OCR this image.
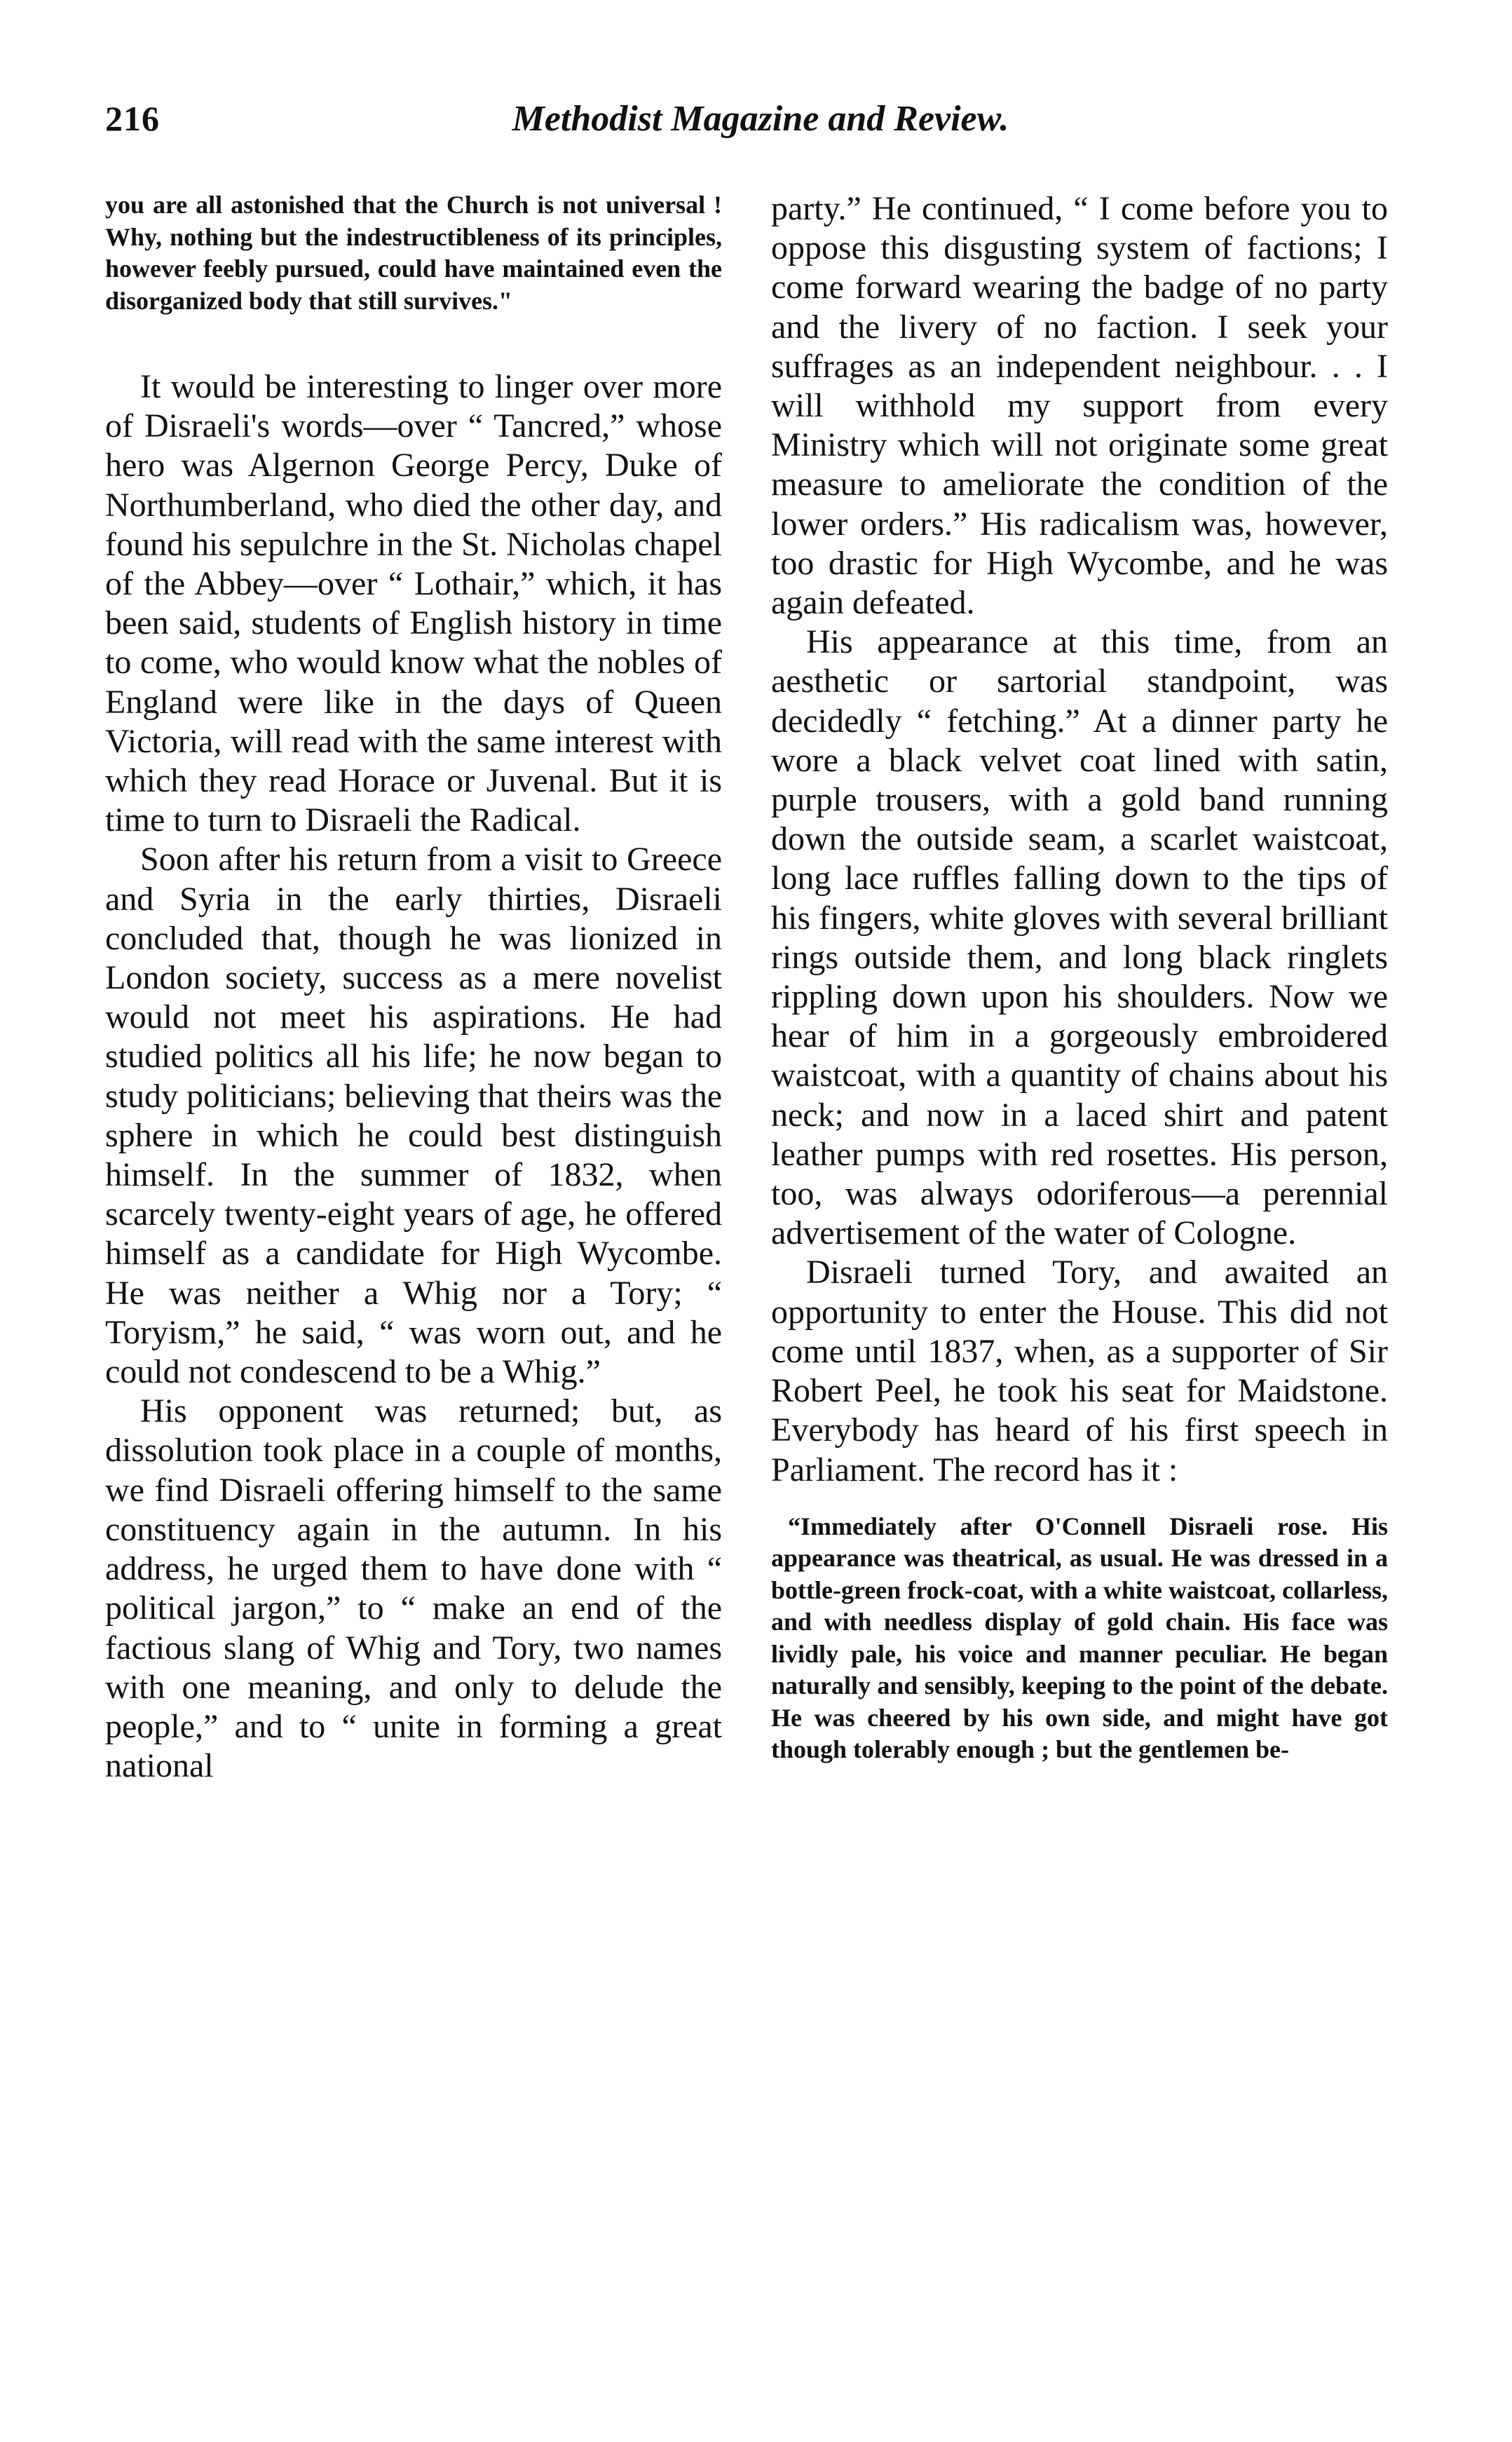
216	Methodist Magazine and Review.

you are all astonished that the Church is not universal ! Why, nothing but the indestructibleness of its principles, however feebly pursued, could have maintained even the disorganized body that still survives."

It would be interesting to linger over more of Disraeli's words—over “ Tancred,” whose hero was Algernon George Percy, Duke of Northumberland, who died the other day, and found his sepulchre in the St. Nicholas chapel of the Abbey—over “ Lothair,” which, it has been said, students of English history in time to come, who would know what the nobles of England were like in the days of Queen Victoria, will read with the same interest with which they read Horace or Juvenal. But it is time to turn to Disraeli the Radical.

Soon after his return from a visit to Greece and Syria in the early thirties, Disraeli concluded that, though he was lionized in London society, success as a mere novelist would not meet his aspirations. He had studied politics all his life; he now began to study politicians; believing that theirs was the sphere in which he could best distinguish himself. In the summer of 1832, when scarcely twenty-eight years of age, he offered himself as a candidate for High Wycombe. He was neither a Whig nor a Tory; “ Toryism,” he said, “ was worn out, and he could not condescend to be a Whig.”

His opponent was returned; but, as dissolution took place in a couple of months, we find Disraeli offering himself to the same constituency again in the autumn. In his address, he urged them to have done with “ political jargon,” to “ make an end of the factious slang of Whig and Tory, two names with one meaning, and only to delude the people,” and to “ unite in forming a great national

party.” He continued, “ I come before you to oppose this disgusting system of factions; I come forward wearing the badge of no party and the livery of no faction. I seek your suffrages as an independent neighbour. . . I will withhold my support from every Ministry which will not originate some great measure to ameliorate the condition of the lower orders.” His radicalism was, however, too drastic for High Wycombe, and he was again defeated.

His appearance at this time, from an aesthetic or sartorial standpoint, was decidedly “ fetching.” At a dinner party he wore a black velvet coat lined with satin, purple trousers, with a gold band running down the outside seam, a scarlet waistcoat, long lace ruffles falling down to the tips of his fingers, white gloves with several brilliant rings outside them, and long black ringlets rippling down upon his shoulders. Now we hear of him in a gorgeously embroidered waistcoat, with a quantity of chains about his neck; and now in a laced shirt and patent leather pumps with red rosettes. His person, too, was always odoriferous—a perennial advertisement of the water of Cologne.

Disraeli turned Tory, and awaited an opportunity to enter the House. This did not come until 1837, when, as a supporter of Sir Robert Peel, he took his seat for Maidstone. Everybody has heard of his first speech in Parliament. The record has it :

“Immediately after O'Connell Disraeli rose. His appearance was theatrical, as usual. He was dressed in a bottle-green frock-coat, with a white waistcoat, collarless, and with needless display of gold chain. His face was lividly pale, his voice and manner peculiar. He began naturally and sensibly, keeping to the point of the debate. He was cheered by his own side, and might have got though tolerably enough ; but the gentlemen be-
